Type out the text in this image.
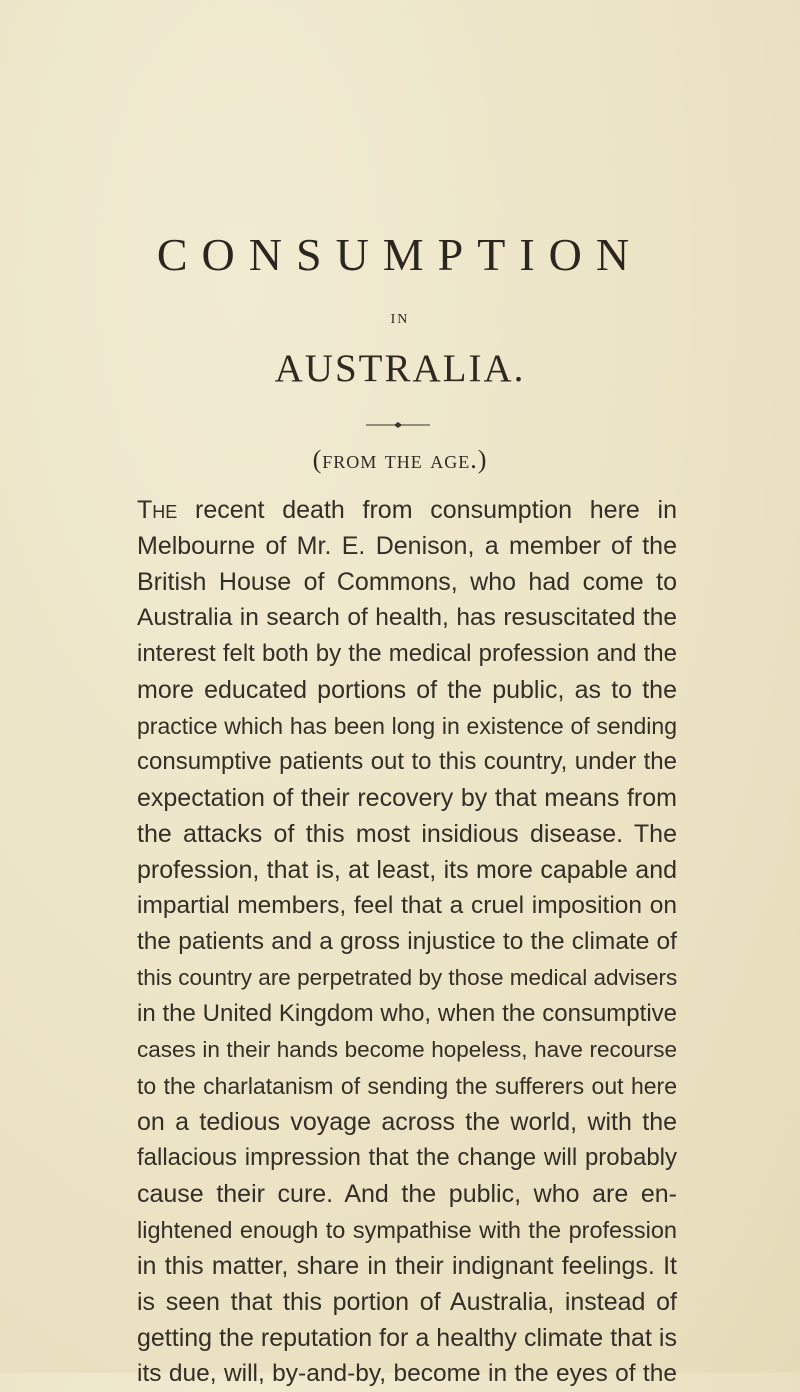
CONSUMPTION
IN
AUSTRALIA.
(from the age.)
The recent death from consumption here in
Melbourne of Mr. E. Denison, a member of the
British House of Commons, who had come to
Australia in search of health, has resuscitated the
interest felt both by the medical profession and the
more educated portions of the public, as to the
practice which has been long in existence of sending
consumptive patients out to this country, under the
expectation of their recovery by that means from
the attacks of this most insidious disease. The
profession, that is, at least, its more capable and
impartial members, feel that a cruel imposition on
the patients and a gross injustice to the climate of
this country are perpetrated by those medical advisers
in the United Kingdom who, when the consumptive
cases in their hands become hopeless, have recourse
to the charlatanism of sending the sufferers out here
on a tedious voyage across the world, with the
fallacious impression that the change will probably
cause their cure. And the public, who are en-
lightened enough to sympathise with the profession
in this matter, share in their indignant feelings. It
is seen that this portion of Australia, instead of
getting the reputation for a healthy climate that is
its due, will, by-and-by, become in the eyes of the
